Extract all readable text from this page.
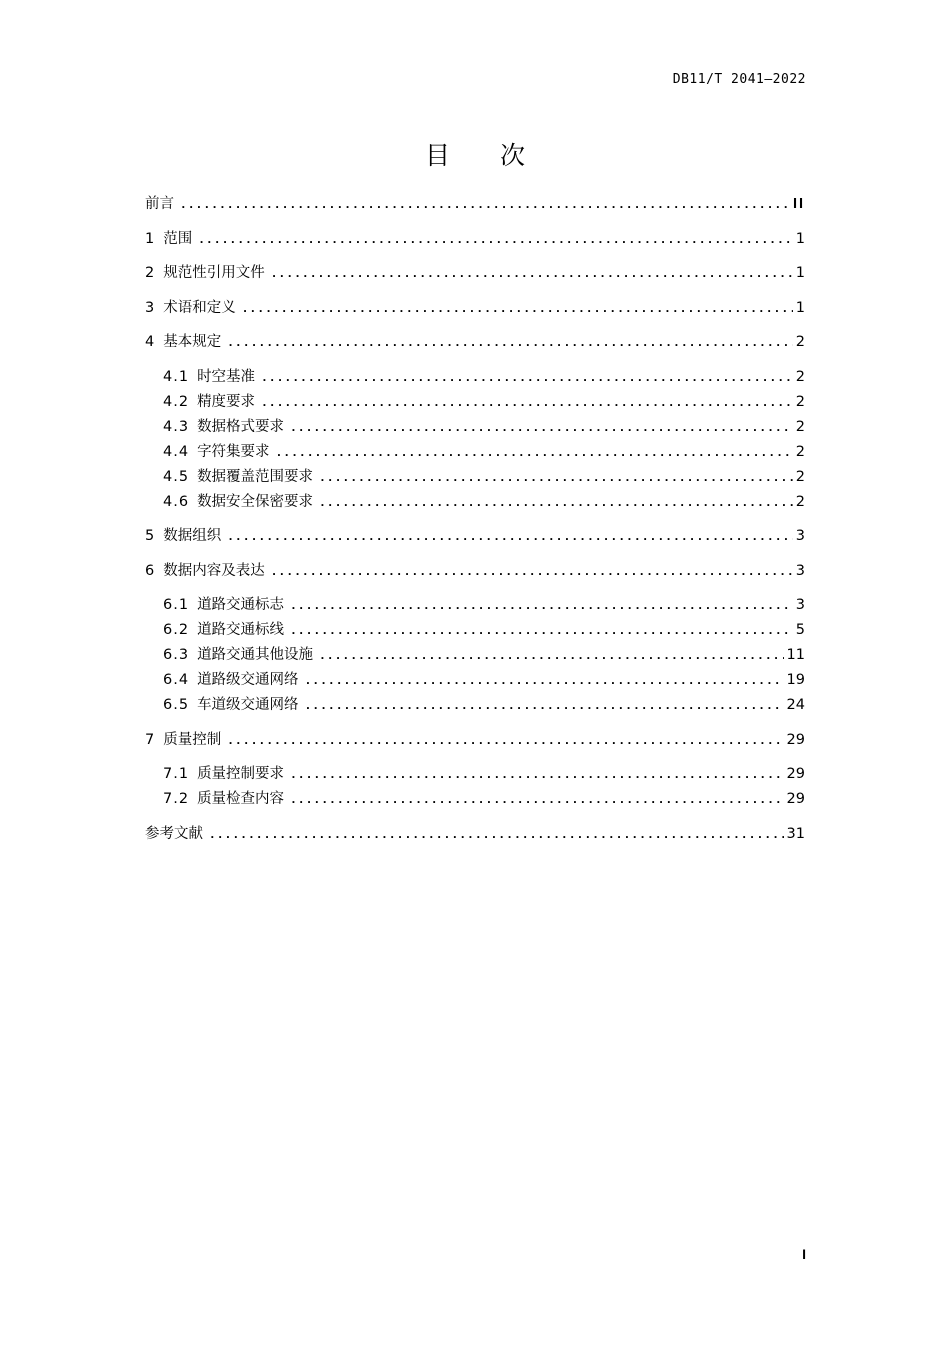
DB11/T 2041—2022
目 次
前言 .....	II
1 范围 .....	1
2 规范性引用文件 .....	1
3 术语和定义 .....	1
4 基本规定 .....	2
4.1 时空基准 .....	2
4.2 精度要求 .....	2
4.3 数据格式要求 .....	2
4.4 字符集要求 .....	2
4.5 数据覆盖范围要求 .....	2
4.6 数据安全保密要求 .....	2
5 数据组织 .....	3
6 数据内容及表达 .....	3
6.1 道路交通标志 .....	3
6.2 道路交通标线 .....	5
6.3 道路交通其他设施 .....	11
6.4 道路级交通网络 .....	19
6.5 车道级交通网络 .....	24
7 质量控制 .....	29
7.1 质量控制要求 .....	29
7.2 质量检查内容 .....	29
参考文献 .....	31
I
